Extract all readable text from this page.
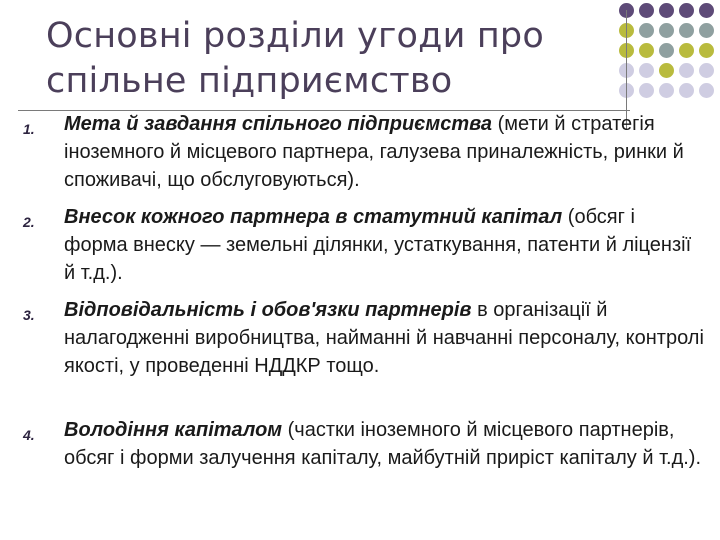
Основні розділи угоди про
спільне підприємство
1. Мета й завдання спільного підприємства (мети й стратегія іноземного й місцевого партнера, галузева приналежність, ринки й споживачі, що обслуговуються).
2. Внесок кожного партнера в статутний капітал (обсяг і форма внеску — земельні ділянки, устаткування, патенти й ліцензії й т.д.).
3. Відповідальність і обов'язки партнерів в організації й налагодженні виробництва, найманні й навчанні персоналу, контролі якості, у проведенні НДДКР тощо.
4. Володіння капіталом (частки іноземного й місцевого партнерів, обсяг і форми залучення капіталу, майбутній приріст капіталу й т.д.).
